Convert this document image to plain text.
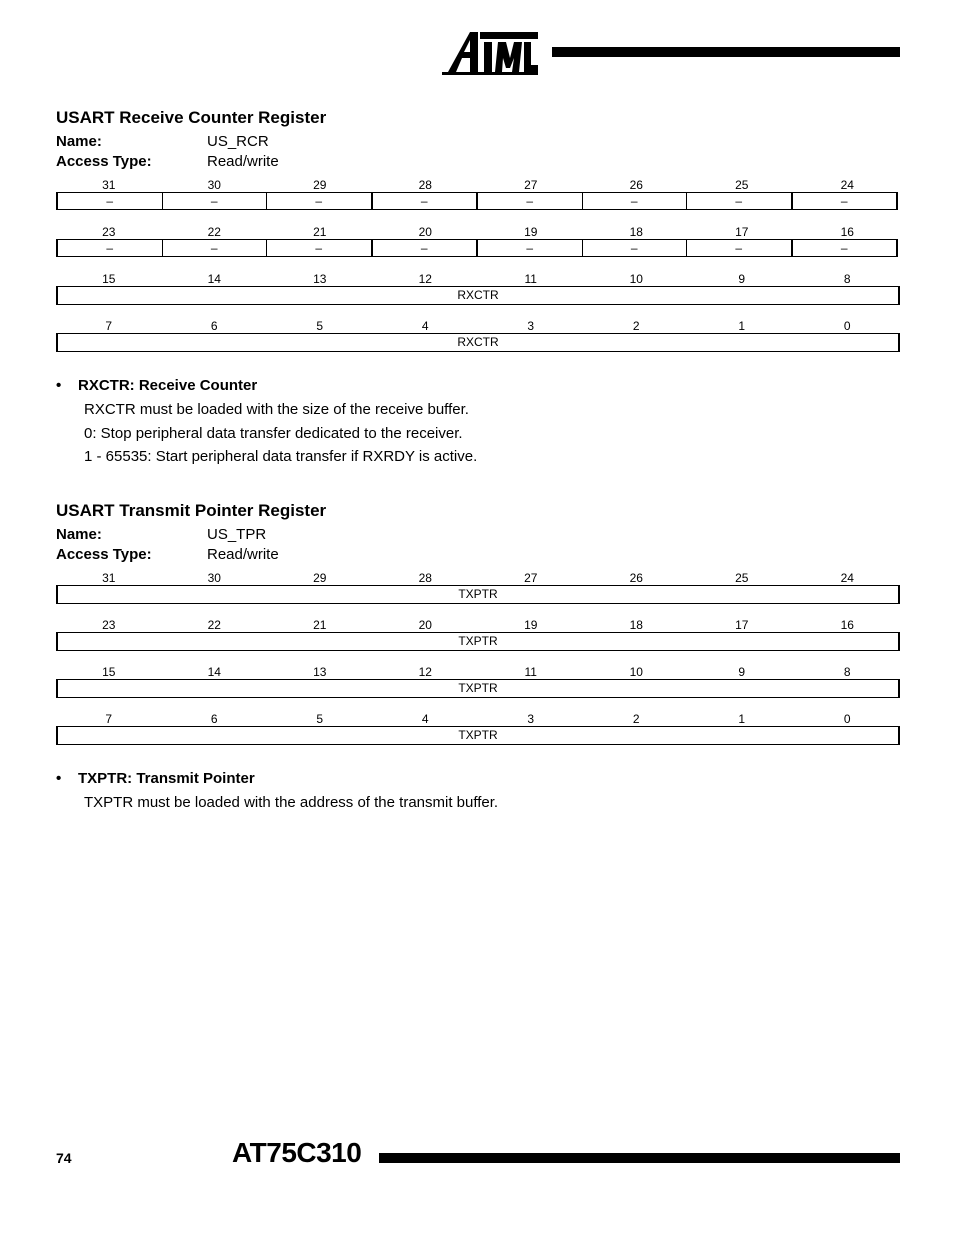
USART Receive Counter Register
Name:	US_RCR
Access Type:	Read/write
31	30	29	28	27	26	25	24
–	–	–	–	–	–	–	–
23	22	21	20	19	18	17	16
–	–	–	–	–	–	–	–
15	14	13	12	11	10	9	8
RXCTR
7	6	5	4	3	2	1	0
RXCTR
• RXCTR: Receive Counter
RXCTR must be loaded with the size of the receive buffer.
0: Stop peripheral data transfer dedicated to the receiver.
1 - 65535: Start peripheral data transfer if RXRDY is active.
USART Transmit Pointer Register
Name:	US_TPR
Access Type:	Read/write
31	30	29	28	27	26	25	24
TXPTR
23	22	21	20	19	18	17	16
TXPTR
15	14	13	12	11	10	9	8
TXPTR
7	6	5	4	3	2	1	0
TXPTR
• TXPTR: Transmit Pointer
TXPTR must be loaded with the address of the transmit buffer.
74	AT75C310
